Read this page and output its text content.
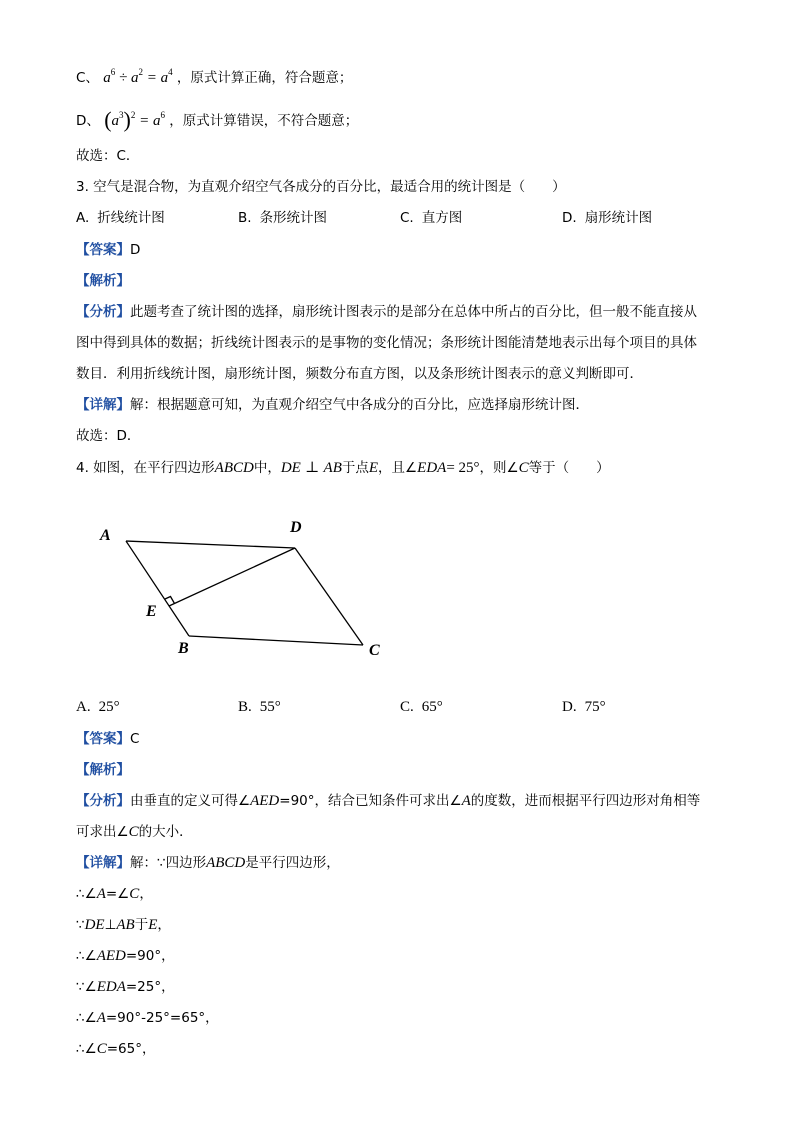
C、 $a^6 \div a^2 = a^4$ ，原式计算正确，符合题意；
D、 $(a^3)^2 = a^6$ ，原式计算错误，不符合题意；
故选：C．
3. 空气是混合物，为直观介绍空气各成分的百分比，最适合用的统计图是（　　）
A. 折线统计图	B. 条形统计图	C. 直方图	D. 扇形统计图
【答案】D
【解析】
【分析】此题考查了统计图的选择，扇形统计图表示的是部分在总体中所占的百分比，但一般不能直接从
图中得到具体的数据；折线统计图表示的是事物的变化情况；条形统计图能清楚地表示出每个项目的具体
数目．利用折线统计图，扇形统计图，频数分布直方图，以及条形统计图表示的意义判断即可．
【详解】解：根据题意可知，为直观介绍空气中各成分的百分比，应选择扇形统计图．
故选：D．
4. 如图，在平行四边形ABCD中，DE ⊥ AB于点E，且∠EDA= 25°，则∠C等于（　　）
A	D
E
B	C
A. 25°	B. 55°	C. 65°	D. 75°
【答案】C
【解析】
【分析】由垂直的定义可得∠AED=90°，结合已知条件可求出∠A的度数，进而根据平行四边形对角相等
可求出∠C的大小．
【详解】解：∵四边形ABCD是平行四边形，
∴∠A=∠C，
∵DE⊥AB于E，
∴∠AED=90°，
∵∠EDA=25°，
∴∠A=90°-25°=65°，
∴∠C=65°，
